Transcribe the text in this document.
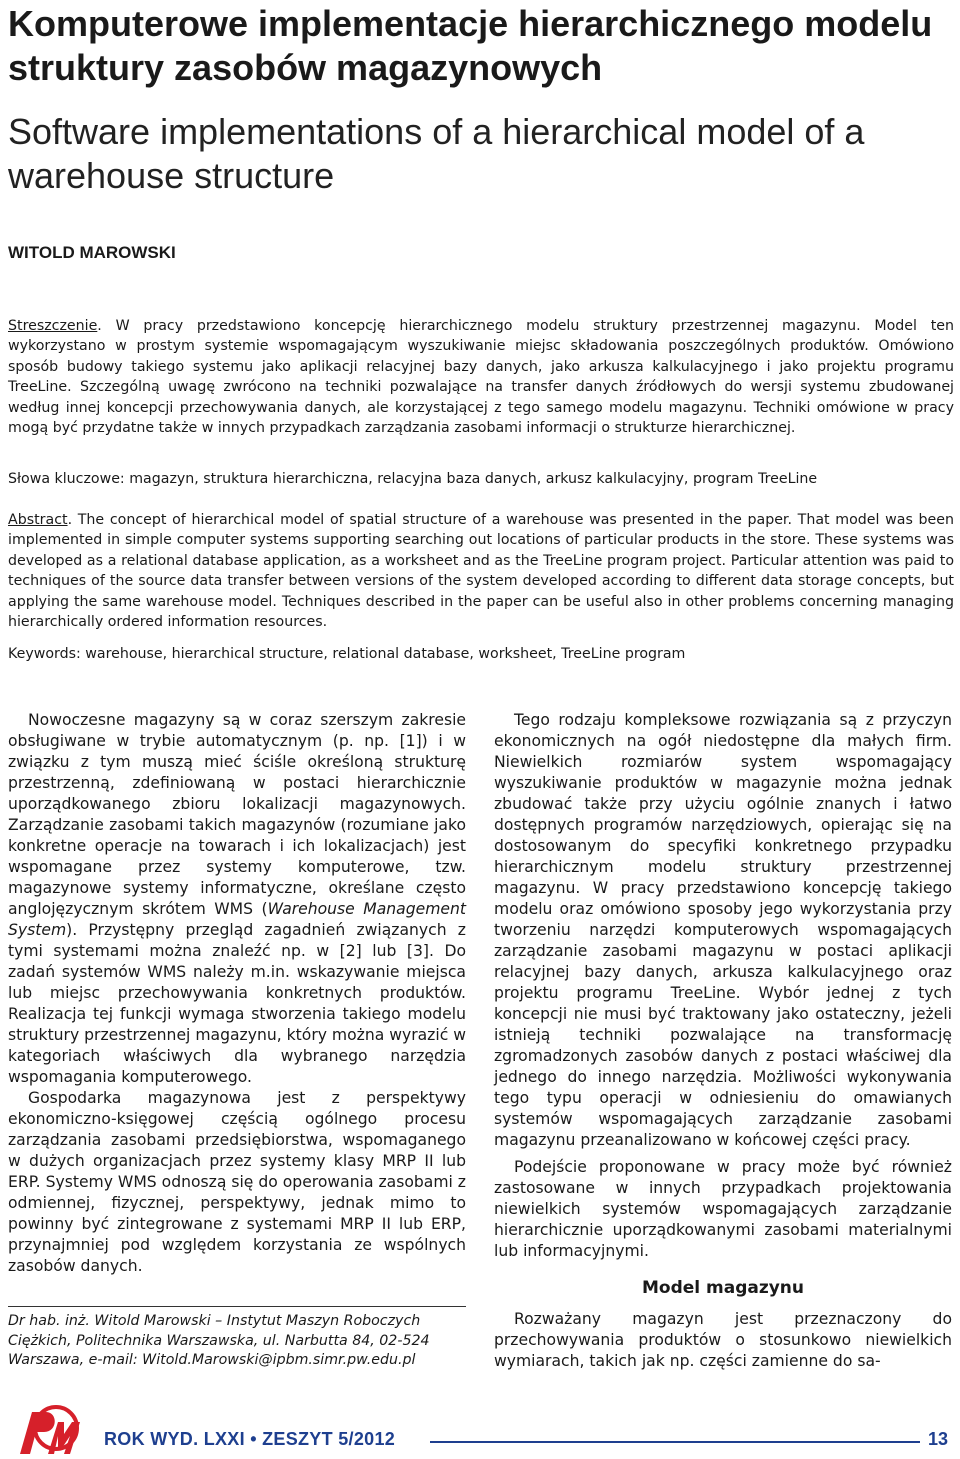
Komputerowe implementacje hierarchicznego modelu struktury zasobów magazynowych
Software implementations of a hierarchical model of a warehouse structure

WITOLD MAROWSKI

Streszczenie. W pracy przedstawiono koncepcję hierarchicznego modelu struktury przestrzennej magazynu. Model ten wykorzystano w prostym systemie wspomagającym wyszukiwanie miejsc składowania poszczególnych produktów. Omówiono sposób budowy takiego systemu jako aplikacji relacyjnej bazy danych, jako arkusza kalkulacyjnego i jako projektu programu TreeLine. Szczególną uwagę zwrócono na techniki pozwalające na transfer danych źródłowych do wersji systemu zbudowanej według innej koncepcji przechowywania danych, ale korzystającej z tego samego modelu magazynu. Techniki omówione w pracy mogą być przydatne także w innych przypadkach zarządzania zasobami informacji o strukturze hierarchicznej.

Słowa kluczowe: magazyn, struktura hierarchiczna, relacyjna baza danych, arkusz kalkulacyjny, program TreeLine

Abstract. The concept of hierarchical model of spatial structure of a warehouse was presented in the paper. That model was been implemented in simple computer systems supporting searching out locations of particular products in the store. These systems was developed as a relational database application, as a worksheet and as the TreeLine program project. Particular attention was paid to techniques of the source data transfer between versions of the system developed according to different data storage concepts, but applying the same warehouse model. Techniques described in the paper can be useful also in other problems concerning managing hierarchically ordered information resources.

Keywords: warehouse, hierarchical structure, relational database, worksheet, TreeLine program

Nowoczesne magazyny są w coraz szerszym zakresie obsługiwane w trybie automatycznym (p. np. [1]) i w związku z tym muszą mieć ściśle określoną strukturę przestrzenną, zdefiniowaną w postaci hierarchicznie uporządkowanego zbioru lokalizacji magazynowych. Zarządzanie zasobami takich magazynów (rozumiane jako konkretne operacje na towarach i ich lokalizacjach) jest wspomagane przez systemy komputerowe, tzw. magazynowe systemy informatyczne, określane często anglojęzycznym skrótem WMS (Warehouse Management System). Przystępny przegląd zagadnień związanych z tymi systemami można znaleźć np. w [2] lub [3]. Do zadań systemów WMS należy m.in. wskazywanie miejsca lub miejsc przechowywania konkretnych produktów. Realizacja tej funkcji wymaga stworzenia takiego modelu struktury przestrzennej magazynu, który można wyrazić w kategoriach właściwych dla wybranego narzędzia wspomagania komputerowego.

Gospodarka magazynowa jest z perspektywy ekonomiczno-księgowej częścią ogólnego procesu zarządzania zasobami przedsiębiorstwa, wspomaganego w dużych organizacjach przez systemy klasy MRP II lub ERP. Systemy WMS odnoszą się do operowania zasobami z odmiennej, fizycznej, perspektywy, jednak mimo to powinny być zintegrowane z systemami MRP II lub ERP, przynajmniej pod względem korzystania ze wspólnych zasobów danych.

Dr hab. inż. Witold Marowski – Instytut Maszyn Roboczych Ciężkich, Politechnika Warszawska, ul. Narbutta 84, 02-524 Warszawa, e-mail: Witold.Marowski@ipbm.simr.pw.edu.pl

Tego rodzaju kompleksowe rozwiązania są z przyczyn ekonomicznych na ogół niedostępne dla małych firm. Niewielkich rozmiarów system wspomagający wyszukiwanie produktów w magazynie można jednak zbudować także przy użyciu ogólnie znanych i łatwo dostępnych programów narzędziowych, opierając się na dostosowanym do specyfiki konkretnego przypadku hierarchicznym modelu struktury przestrzennej magazynu. W pracy przedstawiono koncepcję takiego modelu oraz omówiono sposoby jego wykorzystania przy tworzeniu narzędzi komputerowych wspomagających zarządzanie zasobami magazynu w postaci aplikacji relacyjnej bazy danych, arkusza kalkulacyjnego oraz projektu programu TreeLine. Wybór jednej z tych koncepcji nie musi być traktowany jako ostateczny, jeżeli istnieją techniki pozwalające na transformację zgromadzonych zasobów danych z postaci właściwej dla jednego do innego narzędzia. Możliwości wykonywania tego typu operacji w odniesieniu do omawianych systemów wspomagających zarządzanie zasobami magazynu przeanalizowano w końcowej części pracy.

Podejście proponowane w pracy może być również zastosowane w innych przypadkach projektowania niewielkich systemów wspomagających zarządzanie hierarchicznie uporządkowanymi zasobami materialnymi lub informacyjnymi.

Model magazynu

Rozważany magazyn jest przeznaczony do przechowywania produktów o stosunkowo niewielkich wymiarach, takich jak np. części zamienne do sa-

ROK WYD. LXXI • ZESZYT 5/2012	13
